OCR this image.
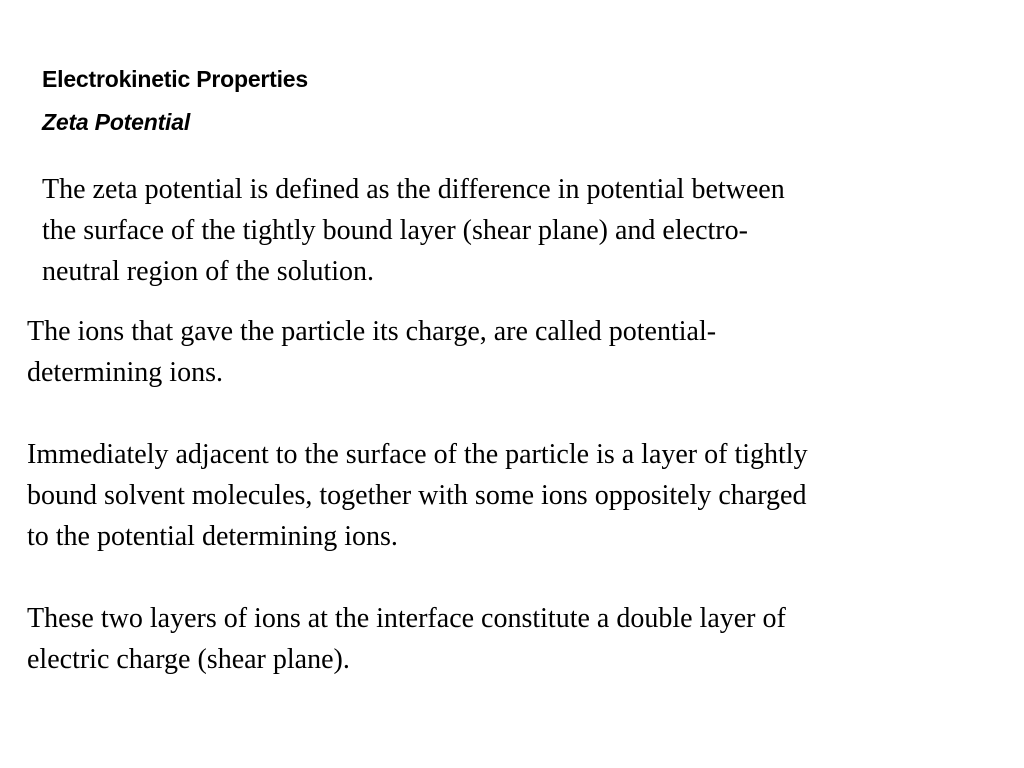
Electrokinetic Properties
Zeta Potential

The zeta potential is defined as the difference in potential between
the surface of the tightly bound layer (shear plane) and electro-
neutral region of the solution.

The ions that gave the particle its charge, are called potential-
determining ions.

Immediately adjacent to the surface of the particle is a layer of tightly
bound solvent molecules, together with some ions oppositely charged
to the potential determining ions.

These two layers of ions at the interface constitute a double layer of
electric charge (shear plane).
